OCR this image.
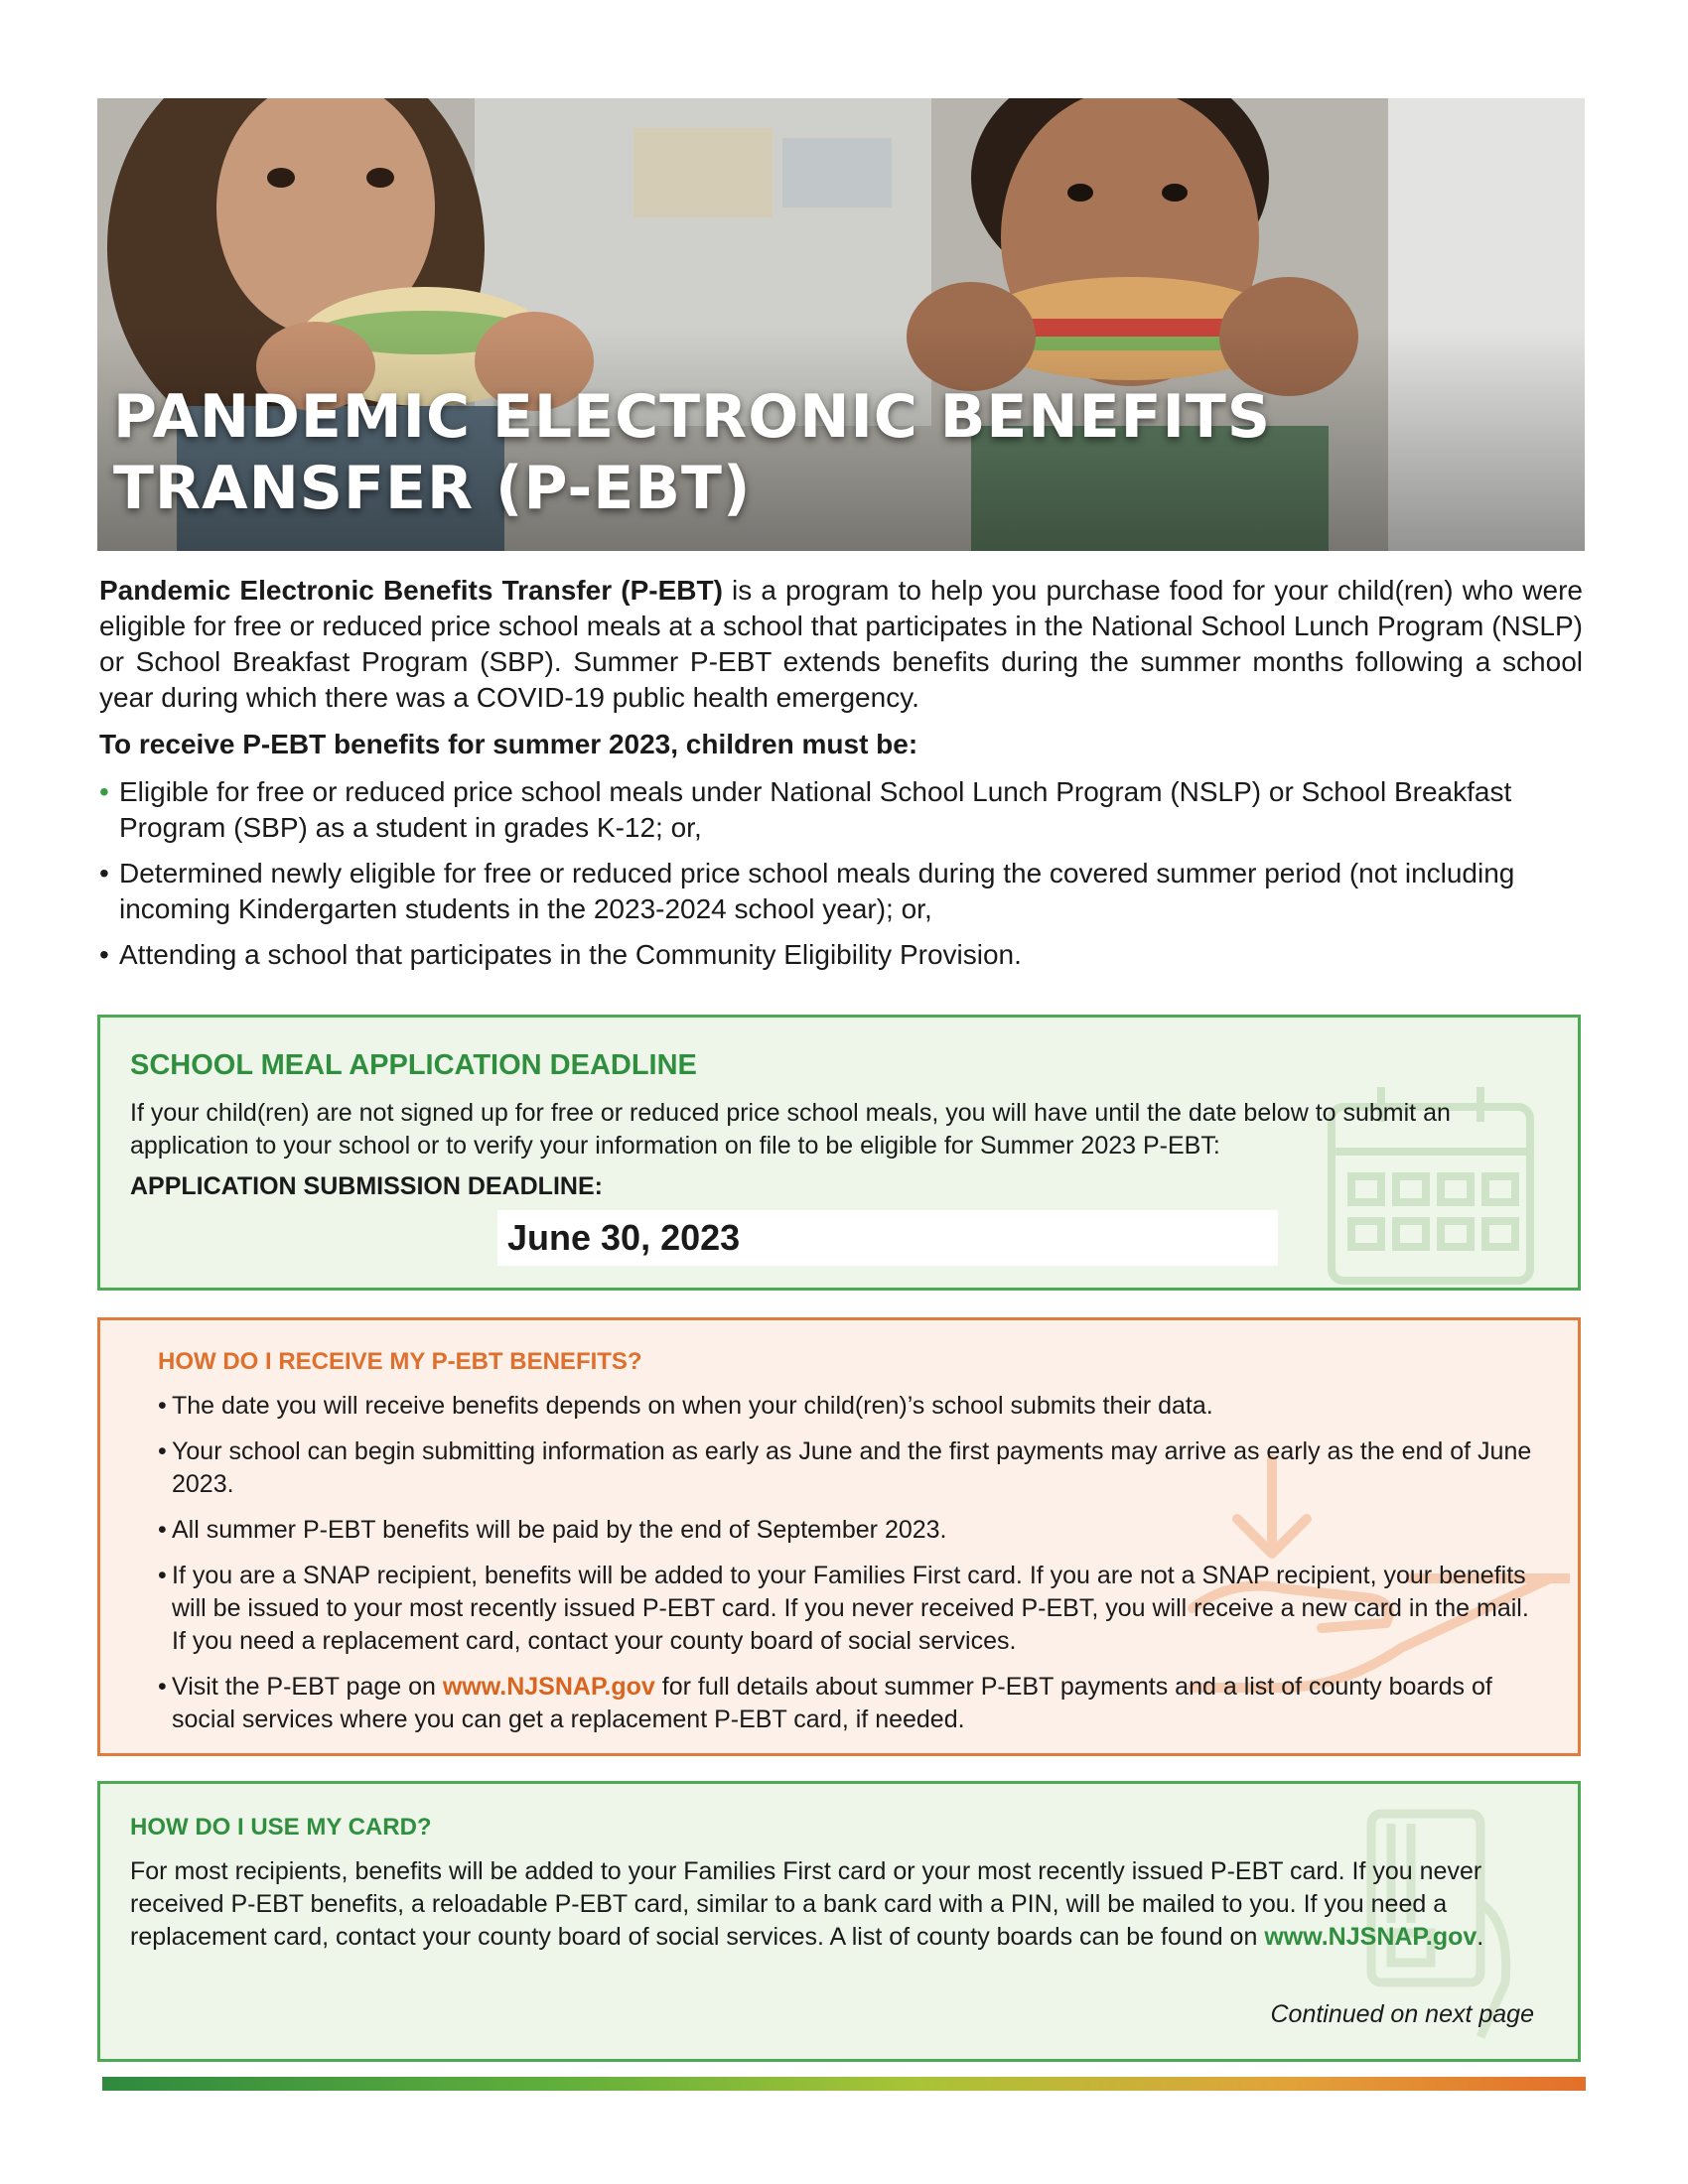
PANDEMIC ELECTRONIC BENEFITS
TRANSFER (P-EBT)

Pandemic Electronic Benefits Transfer (P-EBT) is a program to help you purchase food for your child(ren) who were eligible for free or reduced price school meals at a school that participates in the National School Lunch Program (NSLP) or School Breakfast Program (SBP). Summer P-EBT extends benefits during the summer months following a school year during which there was a COVID-19 public health emergency.

To receive P-EBT benefits for summer 2023, children must be:
• Eligible for free or reduced price school meals under National School Lunch Program (NSLP) or School Breakfast Program (SBP) as a student in grades K-12; or,
• Determined newly eligible for free or reduced price school meals during the covered summer period (not including incoming Kindergarten students in the 2023-2024 school year); or,
• Attending a school that participates in the Community Eligibility Provision.
SCHOOL MEAL APPLICATION DEADLINE

If your child(ren) are not signed up for free or reduced price school meals, you will have until the date below to submit an application to your school or to verify your information on file to be eligible for Summer 2023 P-EBT:

APPLICATION SUBMISSION DEADLINE:
June 30, 2023
HOW DO I RECEIVE MY P-EBT BENEFITS?
• The date you will receive benefits depends on when your child(ren)’s school submits their data.
• Your school can begin submitting information as early as June and the first payments may arrive as early as the end of June 2023.
• All summer P-EBT benefits will be paid by the end of September 2023.
• If you are a SNAP recipient, benefits will be added to your Families First card. If you are not a SNAP recipient, your benefits will be issued to your most recently issued P-EBT card. If you never received P-EBT, you will receive a new card in the mail. If you need a replacement card, contact your county board of social services.
• Visit the P-EBT page on www.NJSNAP.gov for full details about summer P-EBT payments and a list of county boards of social services where you can get a replacement P-EBT card, if needed.
HOW DO I USE MY CARD?

For most recipients, benefits will be added to your Families First card or your most recently issued P-EBT card. If you never received P-EBT benefits, a reloadable P-EBT card, similar to a bank card with a PIN, will be mailed to you. If you need a replacement card, contact your county board of social services. A list of county boards can be found on www.NJSNAP.gov.

Continued on next page
